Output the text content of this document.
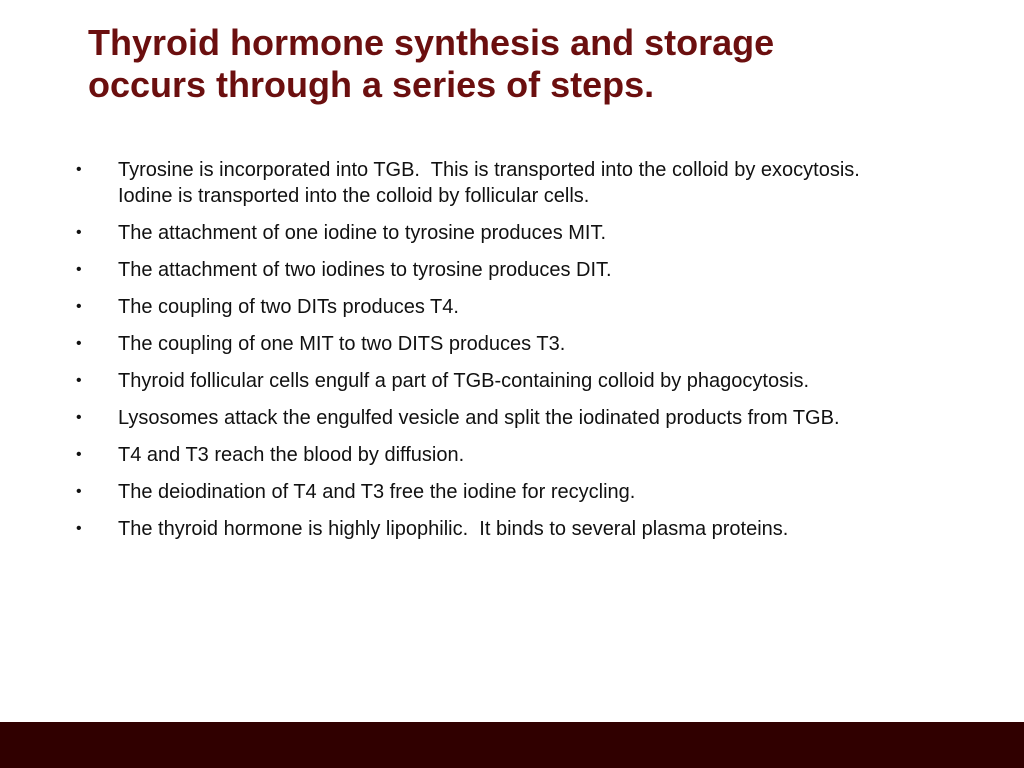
Thyroid hormone synthesis and storage
occurs through a series of steps.
• Tyrosine is incorporated into TGB.  This is transported into the colloid by exocytosis.  Iodine is transported into the colloid by follicular cells.
• The attachment of one iodine to tyrosine produces MIT.
• The attachment of two iodines to tyrosine produces DIT.
• The coupling of two DITs produces T4.
• The coupling of one MIT to two DITS produces T3.
• Thyroid follicular cells engulf a part of TGB-containing colloid by phagocytosis.
• Lysosomes attack the engulfed vesicle and split the iodinated products from TGB.
• T4 and T3 reach the blood by diffusion.
• The deiodination of T4 and T3 free the iodine for recycling.
• The thyroid hormone is highly lipophilic.  It binds to several plasma proteins.
